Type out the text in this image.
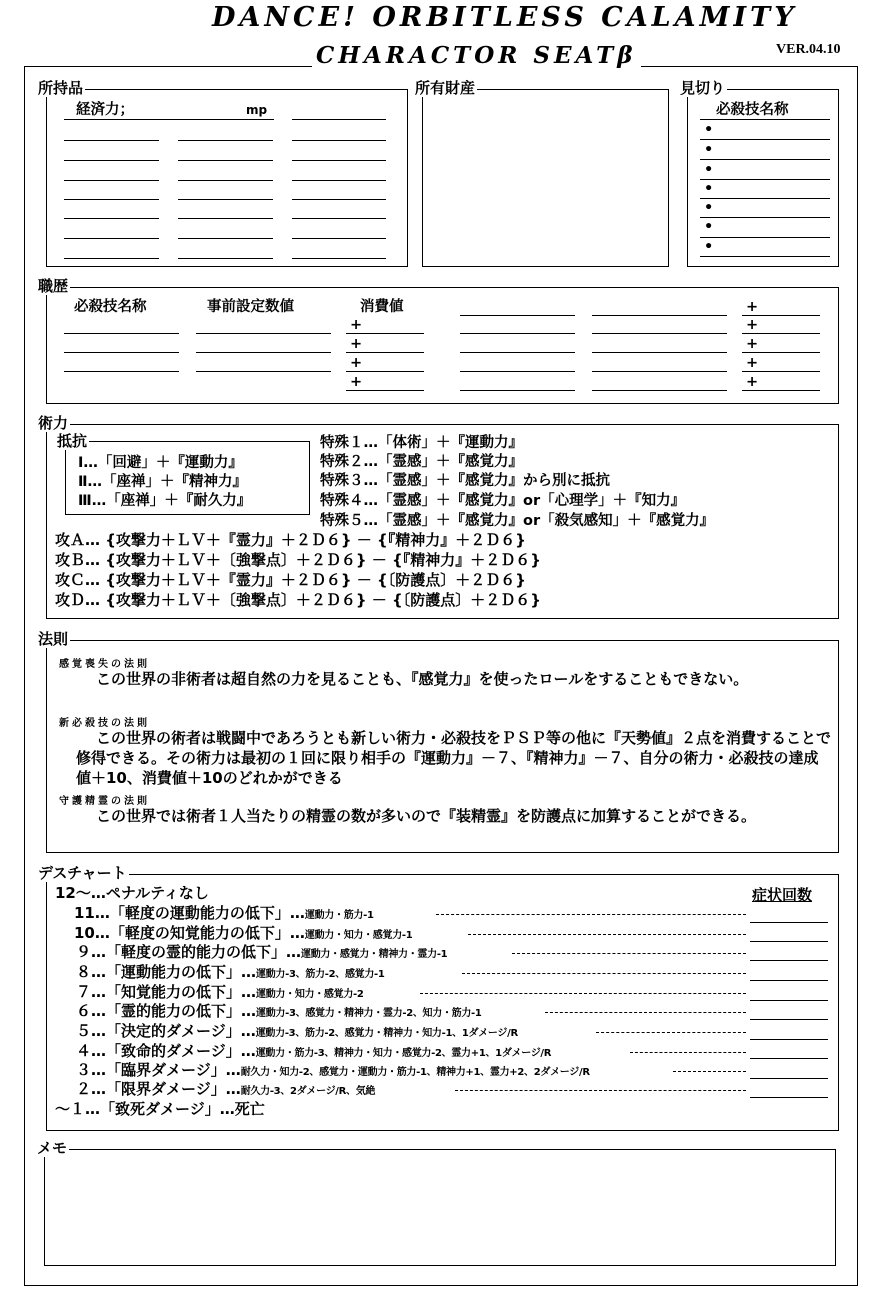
DANCE! ORBITLESS CALAMITY
CHARACTOR SEATβ	VER.04.10
所持品
経済力；	mp
所有財産	見切り
必殺技名称
•
•
•
•
•
•
•
職歴
必殺技名称	事前設定数値	消費値
+
+
+
+
+
+
+
+
+
術力
抵抗
Ⅰ…「回避」＋『運動力』
Ⅱ…「座禅」＋『精神力』
Ⅲ…「座禅」＋『耐久力』
特殊１…「体術」＋『運動力』
特殊２…「霊感」＋『感覚力』
特殊３…「霊感」＋『感覚力』から別に抵抗
特殊４…「霊感」＋『感覚力』or「心理学」＋『知力』
特殊５…「霊感」＋『感覚力』or「殺気感知」＋『感覚力』
攻Ａ… {攻撃力＋ＬＶ＋『霊力』＋２Ｄ６} － {『精神力』＋２Ｄ６}
攻Ｂ… {攻撃力＋ＬＶ＋〔強撃点〕＋２Ｄ６} － {『精神力』＋２Ｄ６}
攻Ｃ… {攻撃力＋ＬＶ＋『霊力』＋２Ｄ６} － {〔防護点〕＋２Ｄ６}
攻Ｄ… {攻撃力＋ＬＶ＋〔強撃点〕＋２Ｄ６} － {〔防護点〕＋２Ｄ６}
法則
感覚喪失の法則
この世界の非術者は超自然の力を見ることも、『感覚力』を使ったロールをすることもできない。
新必殺技の法則
この世界の術者は戦闘中であろうとも新しい術力・必殺技をＰＳＰ等の他に『天勢値』２点を消費することで修得できる。その術力は最初の１回に限り相手の『運動力』－７、『精神力』－７、自分の術力・必殺技の達成値＋10、消費値＋10のどれかができる
守護精霊の法則
この世界では術者１人当たりの精霊の数が多いので『装精霊』を防護点に加算することができる。
デスチャート
症状回数
12～…ペナルティなし
11…「軽度の運動能力の低下」…運動力・筋力-1
10…「軽度の知覚能力の低下」…運動力・知力・感覚力-1
９…「軽度の霊的能力の低下」…運動力・感覚力・精神力・霊力-1
８…「運動能力の低下」…運動力-3、筋力-2、感覚力-1
７…「知覚能力の低下」…運動力・知力・感覚力-2
６…「霊的能力の低下」…運動力-3、感覚力・精神力・霊力-2、知力・筋力-1
５…「決定的ダメージ」…運動力-3、筋力-2、感覚力・精神力・知力-1、1ダメージ/R
４…「致命的ダメージ」…運動力・筋力-3、精神力・知力・感覚力-2、霊力+1、1ダメージ/R
３…「臨界ダメージ」…耐久力・知力-2、感覚力・運動力・筋力-1、精神力+1、霊力+2、2ダメージ/R
２…「限界ダメージ」…耐久力-3、2ダメージ/R、気絶
～１…「致死ダメージ」…死亡
メモ
